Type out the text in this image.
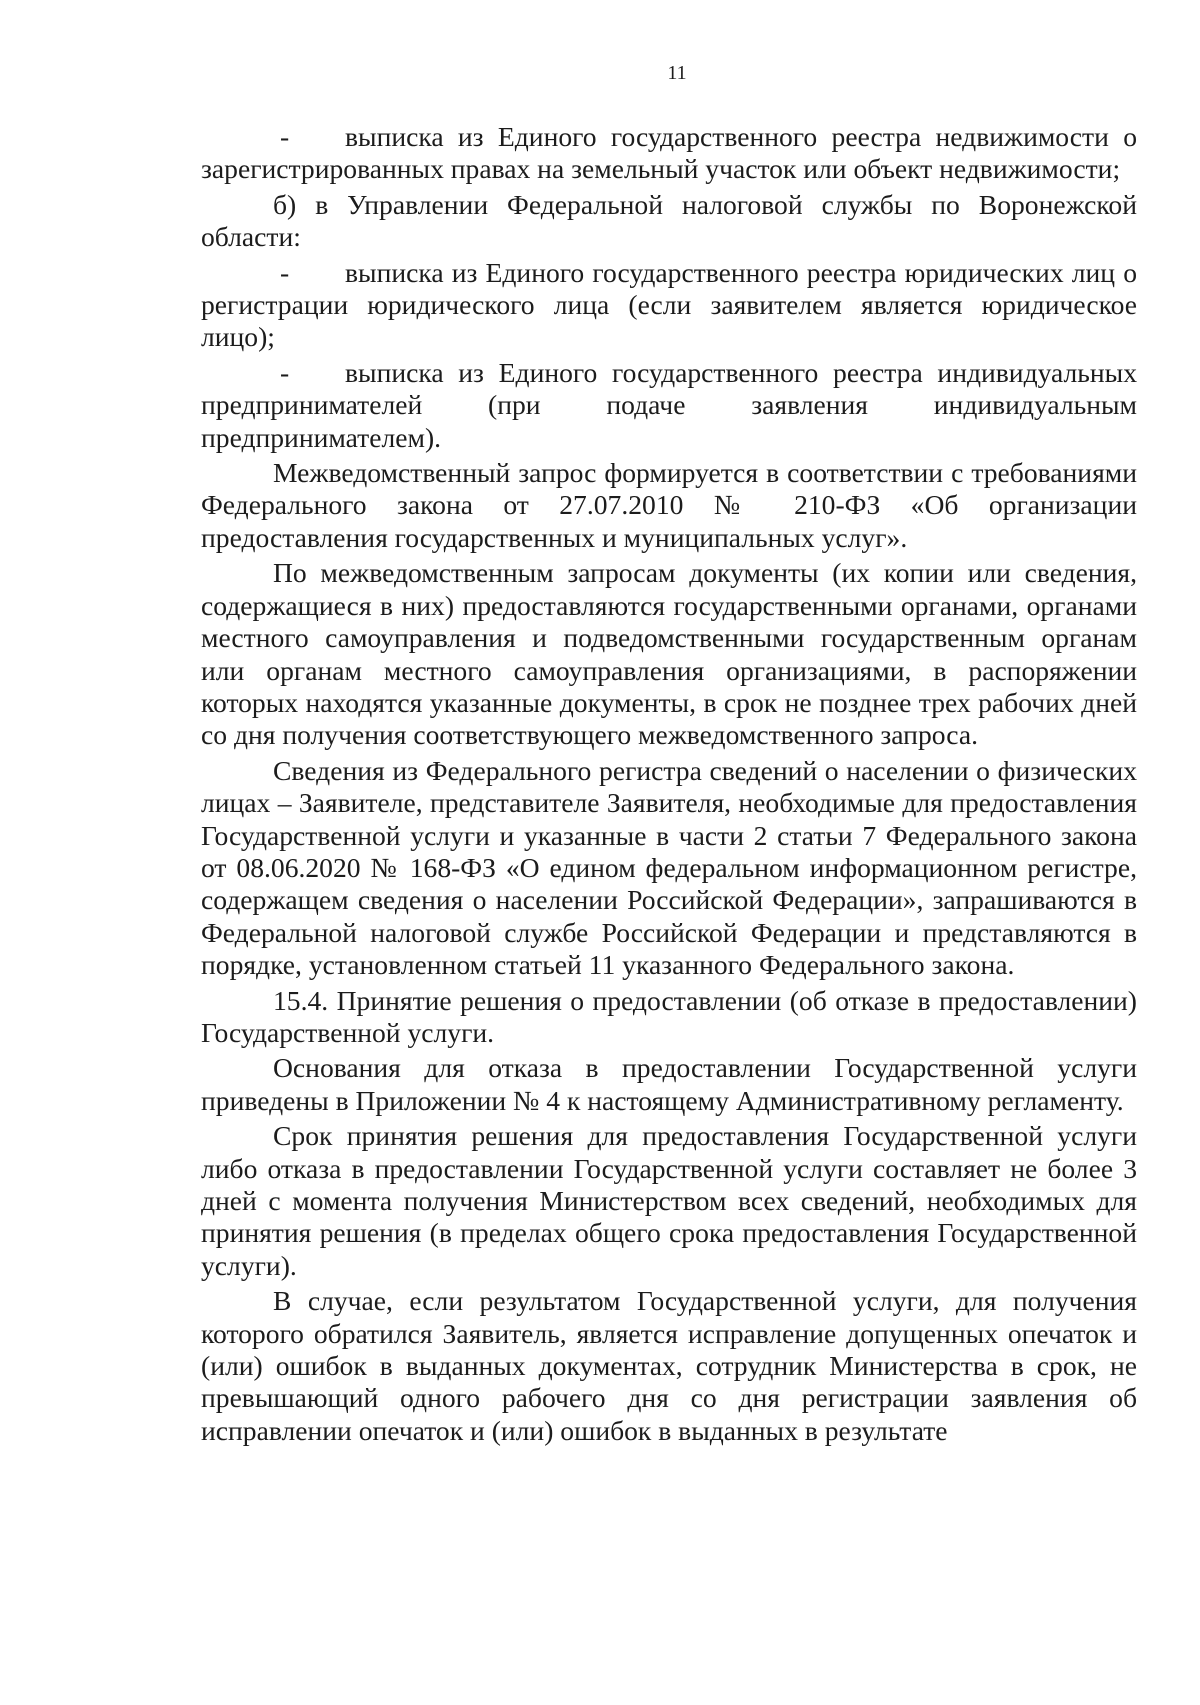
11

- выписка из Единого государственного реестра недвижимости о зарегистрированных правах на земельный участок или объект недвижимости;

б) в Управлении Федеральной налоговой службы по Воронежской области:

- выписка из Единого государственного реестра юридических лиц о регистрации юридического лица (если заявителем является юридическое лицо);

- выписка из Единого государственного реестра индивидуальных предпринимателей (при подаче заявления индивидуальным предпринимателем).

Межведомственный запрос формируется в соответствии с требованиями Федерального закона от 27.07.2010 № 210-ФЗ «Об организации предоставления государственных и муниципальных услуг».

По межведомственным запросам документы (их копии или сведения, содержащиеся в них) предоставляются государственными органами, органами местного самоуправления и подведомственными государственным органам или органам местного самоуправления организациями, в распоряжении которых находятся указанные документы, в срок не позднее трех рабочих дней со дня получения соответствующего межведомственного запроса.

Сведения из Федерального регистра сведений о населении о физических лицах – Заявителе, представителе Заявителя, необходимые для предоставления Государственной услуги и указанные в части 2 статьи 7 Федерального закона от 08.06.2020 № 168-ФЗ «О едином федеральном информационном регистре, содержащем сведения о населении Российской Федерации», запрашиваются в Федеральной налоговой службе Российской Федерации и представляются в порядке, установленном статьей 11 указанного Федерального закона.

15.4. Принятие решения о предоставлении (об отказе в предоставлении) Государственной услуги.

Основания для отказа в предоставлении Государственной услуги приведены в Приложении № 4 к настоящему Административному регламенту.

Срок принятия решения для предоставления Государственной услуги либо отказа в предоставлении Государственной услуги составляет не более 3 дней с момента получения Министерством всех сведений, необходимых для принятия решения (в пределах общего срока предоставления Государственной услуги).

В случае, если результатом Государственной услуги, для получения которого обратился Заявитель, является исправление допущенных опечаток и (или) ошибок в выданных документах, сотрудник Министерства в срок, не превышающий одного рабочего дня со дня регистрации заявления об исправлении опечаток и (или) ошибок в выданных в результате
